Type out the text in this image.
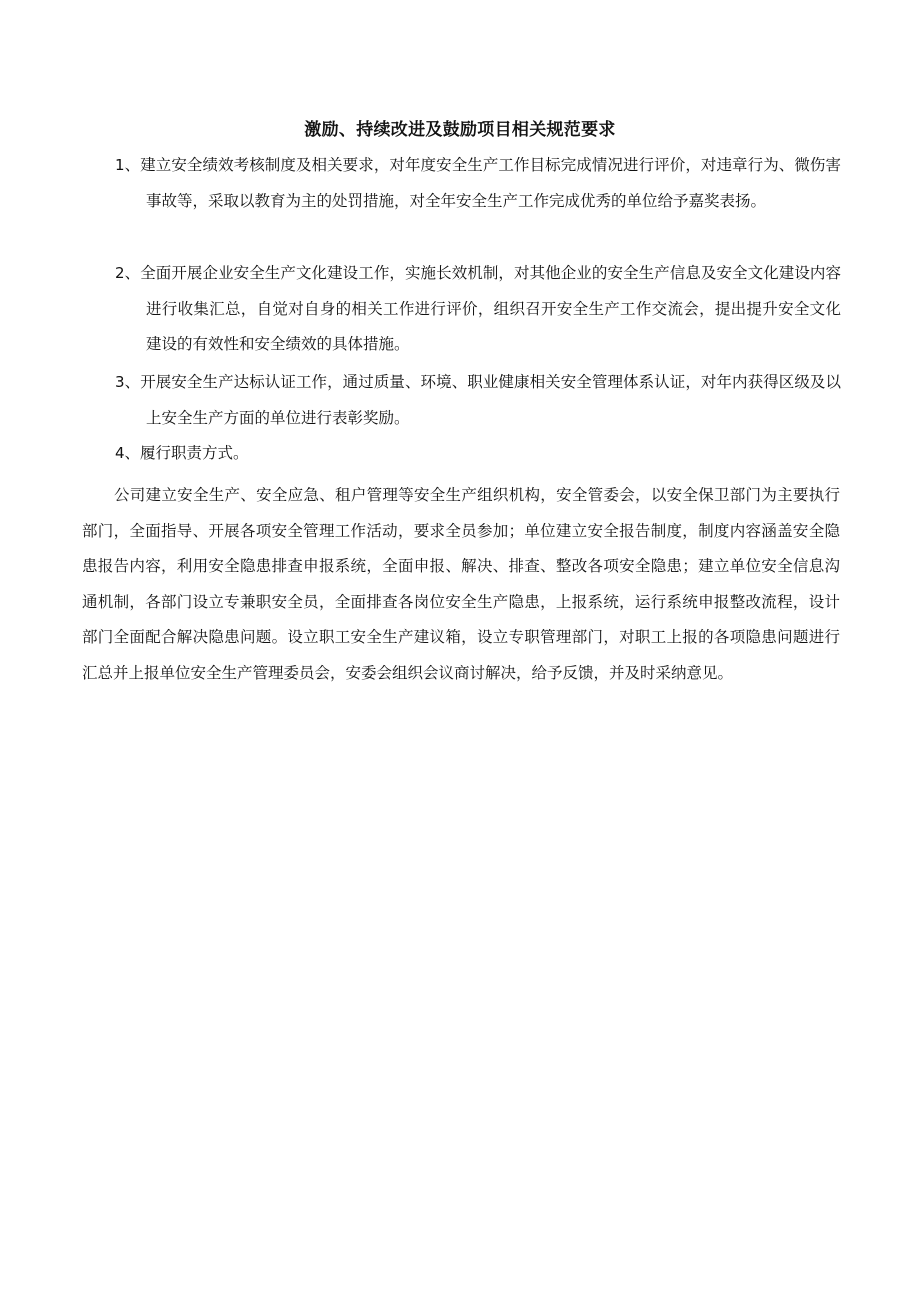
激励、持续改进及鼓励项目相关规范要求
1、建立安全绩效考核制度及相关要求，对年度安全生产工作目标完成情况进行评价，对违章行为、微伤害事故等，采取以教育为主的处罚措施，对全年安全生产工作完成优秀的单位给予嘉奖表扬。
2、全面开展企业安全生产文化建设工作，实施长效机制，对其他企业的安全生产信息及安全文化建设内容进行收集汇总，自觉对自身的相关工作进行评价，组织召开安全生产工作交流会，提出提升安全文化建设的有效性和安全绩效的具体措施。
3、开展安全生产达标认证工作，通过质量、环境、职业健康相关安全管理体系认证，对年内获得区级及以上安全生产方面的单位进行表彰奖励。
4、履行职责方式。
公司建立安全生产、安全应急、租户管理等安全生产组织机构，安全管委会，以安全保卫部门为主要执行部门，全面指导、开展各项安全管理工作活动，要求全员参加；单位建立安全报告制度，制度内容涵盖安全隐患报告内容，利用安全隐患排查申报系统，全面申报、解决、排查、整改各项安全隐患；建立单位安全信息沟通机制，各部门设立专兼职安全员，全面排查各岗位安全生产隐患，上报系统，运行系统申报整改流程，设计部门全面配合解决隐患问题。设立职工安全生产建议箱，设立专职管理部门，对职工上报的各项隐患问题进行汇总并上报单位安全生产管理委员会，安委会组织会议商讨解决，给予反馈，并及时采纳意见。
